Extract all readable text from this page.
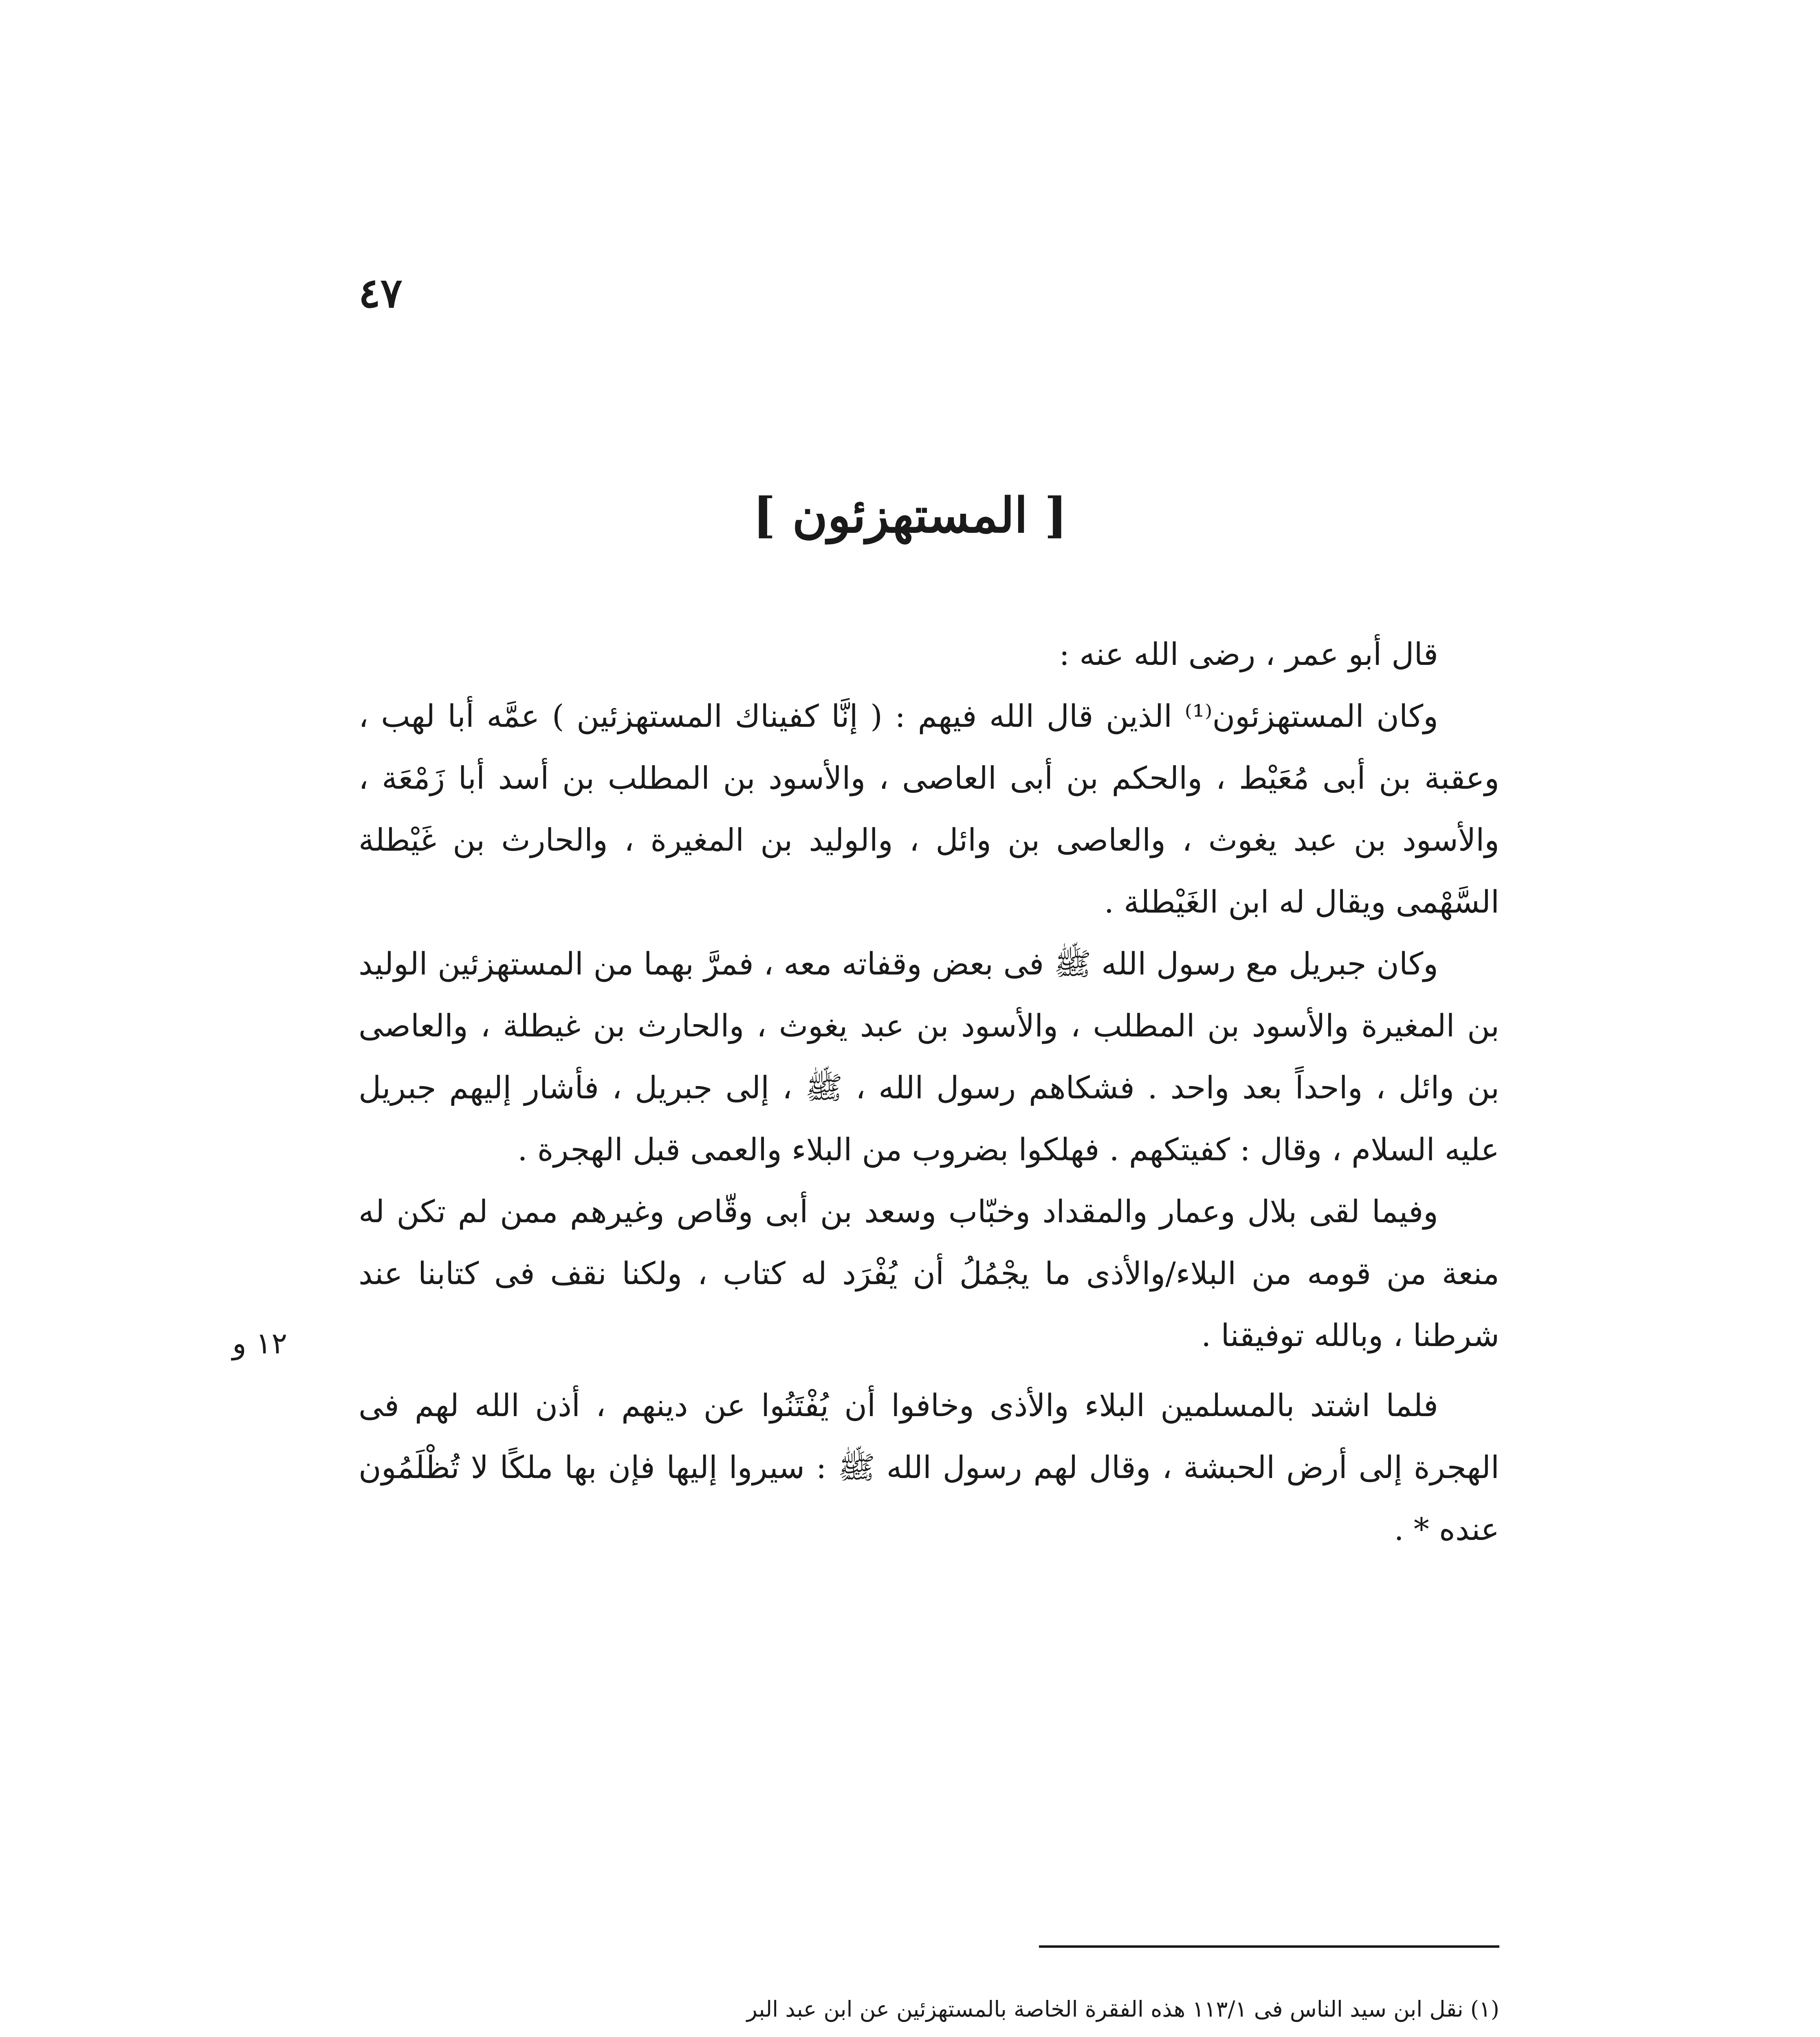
٤٧
[ المستهزئون ]

قال أبو عمر ، رضى الله عنه :

وكان المستهزئون⁽¹⁾ الذين قال الله فيهم : ( إنَّا كفيناك المستهزئين ) عمَّه أبا لهب ، وعقبة بن أبى مُعَيْط ، والحكم بن أبى العاصى ، والأسود بن المطلب بن أسد أبا زَمْعَة ، والأسود بن عبد يغوث ، والعاصى بن وائل ، والوليد بن المغيرة ، والحارث بن غَيْطلة السَّهْمى ويقال له ابن الغَيْطلة .

وكان جبريل مع رسول الله ﷺ فى بعض وقفاته معه ، فمرَّ بهما من المستهزئين الوليد بن المغيرة والأسود بن المطلب ، والأسود بن عبد يغوث ، والحارث بن غيطلة ، والعاصى بن وائل ، واحداً بعد واحد . فشكاهم رسول الله ، ﷺ ، إلى جبريل ، فأشار إليهم جبريل عليه السلام ، وقال : كفيتكهم . فهلكوا بضروب من البلاء والعمى قبل الهجرة .

وفيما لقى بلال وعمار والمقداد وخبّاب وسعد بن أبى وقّاص وغيرهم ممن لم تكن له منعة من قومه من البلاء/والأذى ما يجْمُلُ أن يُفْرَد له كتاب ، ولكنا نقف فى كتابنا عند شرطنا ، وبالله توفيقنا .

فلما اشتد بالمسلمين البلاء والأذى وخافوا أن يُفْتَنُوا عن دينهم ، أذن الله لهم فى الهجرة إلى أرض الحبشة ، وقال لهم رسول الله ﷺ : سيروا إليها فإن بها ملكًا لا تُظْلَمُون عنده * .

١٢ و

(١) نقل ابن سيد الناس فى ١١٣/١ هذه الفقرة الخاصة بالمستهزئين عن ابن عبد البر
